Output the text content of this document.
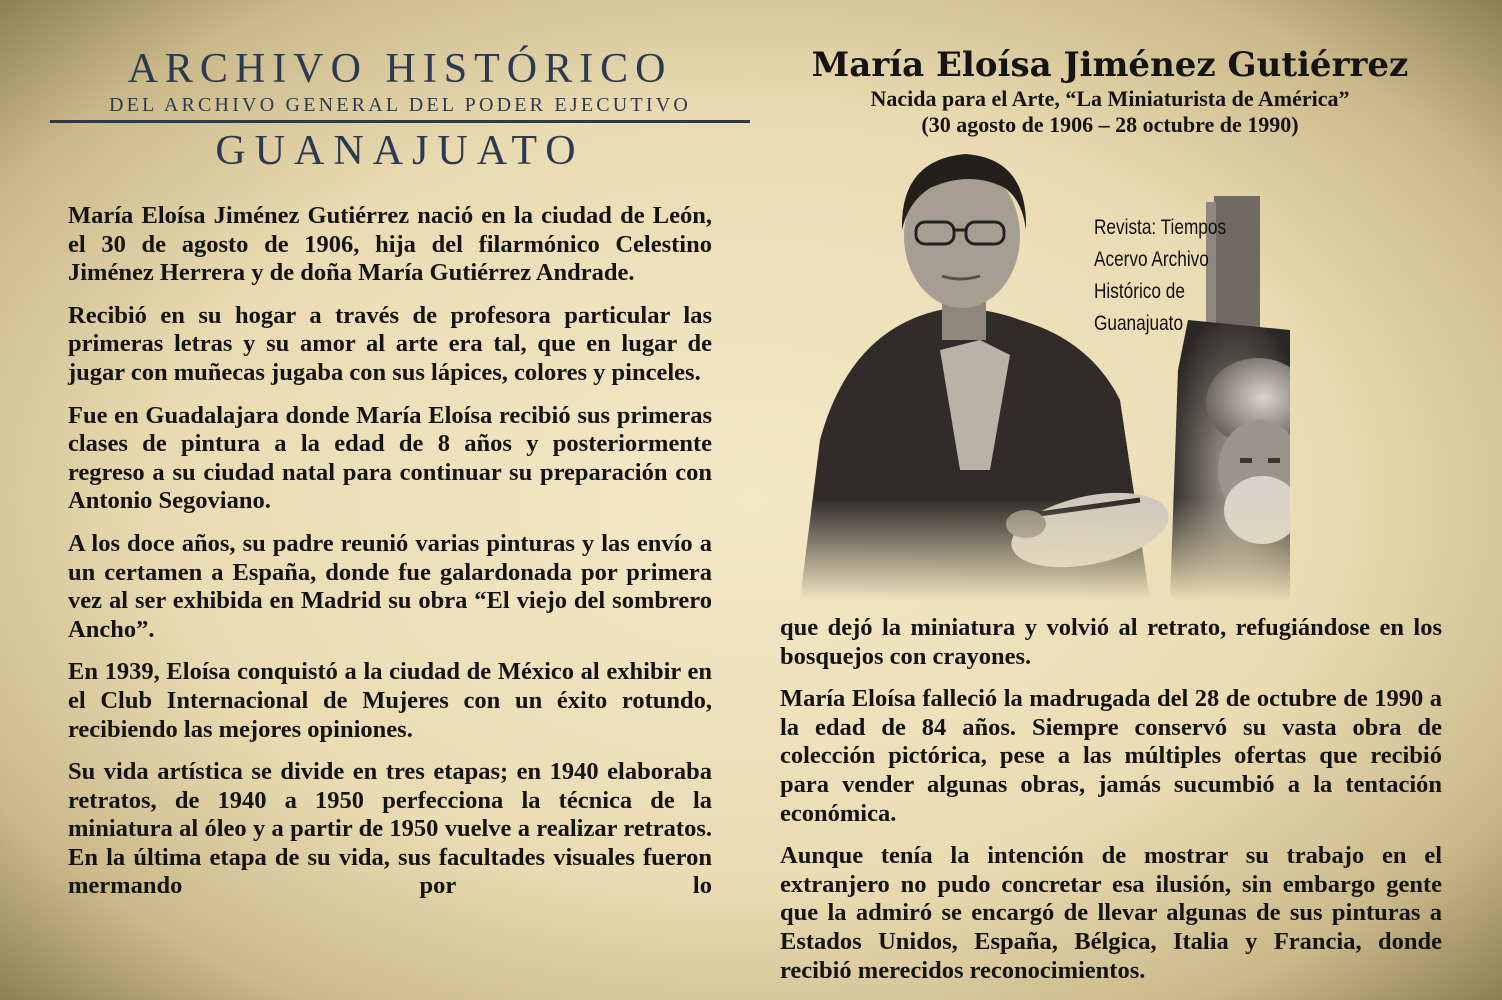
ARCHIVO HISTÓRICO
DEL ARCHIVO GENERAL DEL PODER EJECUTIVO
GUANAJUATO
María Eloísa Jiménez Gutiérrez
Nacida para el Arte, “La Miniaturista de América”
(30 agosto de 1906 – 28 octubre de 1990)
Revista: Tiempos
Acervo Archivo
Histórico de
Guanajuato

María Eloísa Jiménez Gutiérrez nació en la ciudad de León, el 30 de agosto de 1906, hija del filarmónico Celestino Jiménez Herrera y de doña María Gutiérrez Andrade.

Recibió en su hogar a través de profesora particular las primeras letras y su amor al arte era tal, que en lugar de jugar con muñecas jugaba con sus lápices, colores y pinceles.

Fue en Guadalajara donde María Eloísa recibió sus primeras clases de pintura a la edad de 8 años y posteriormente regreso a su ciudad natal para continuar su preparación con Antonio Segoviano.

A los doce años, su padre reunió varias pinturas y las envío a un certamen a España, donde fue galardonada por primera vez al ser exhibida en Madrid su obra “El viejo del sombrero Ancho”.

En 1939, Eloísa conquistó a la ciudad de México al exhibir en el Club Internacional de Mujeres con un éxito rotundo, recibiendo las mejores opiniones.

Su vida artística se divide en tres etapas; en 1940 elaboraba retratos, de 1940 a 1950 perfecciona la técnica de la miniatura al óleo y a partir de 1950 vuelve a realizar retratos. En la última etapa de su vida, sus facultades visuales fueron mermando por lo

que dejó la miniatura y volvió al retrato, refugiándose en los bosquejos con crayones.

María Eloísa falleció la madrugada del 28 de octubre de 1990 a la edad de 84 años. Siempre conservó su vasta obra de colección pictórica, pese a las múltiples ofertas que recibió para vender algunas obras, jamás sucumbió a la tentación económica.

Aunque tenía la intención de mostrar su trabajo en el extranjero no pudo concretar esa ilusión, sin embargo gente que la admiró se encargó de llevar algunas de sus pinturas a Estados Unidos, España, Bélgica, Italia y Francia, donde recibió merecidos reconocimientos.
